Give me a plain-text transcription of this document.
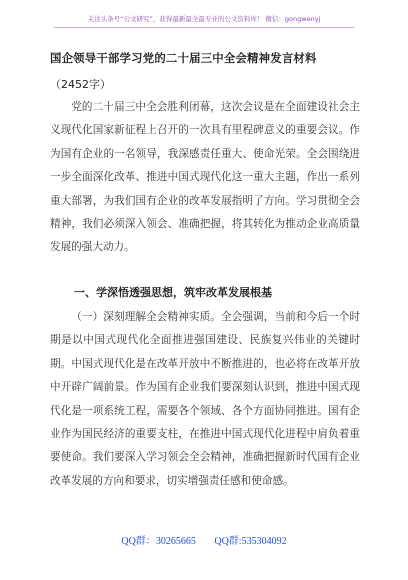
关注头条号“公文研究”，获得最新最全最专业的公文资料库！ 微信：gongwenyj
国企领导干部学习党的二十届三中全会精神发言材料
（2452字）
党的二十届三中全会胜利闭幕，这次会议是在全面建设社会主义现代化国家新征程上召开的一次具有里程碑意义的重要会议。作为国有企业的一名领导，我深感责任重大、使命光荣。全会围绕进一步全面深化改革、推进中国式现代化这一重大主题，作出一系列重大部署，为我们国有企业的改革发展指明了方向。学习贯彻全会精神，我们必须深入领会、准确把握，将其转化为推动企业高质量发展的强大动力。
一、学深悟透强思想，筑牢改革发展根基
（一）深刻理解全会精神实质。全会强调，当前和今后一个时期是以中国式现代化全面推进强国建设、民族复兴伟业的关键时期。中国式现代化是在改革开放中不断推进的，也必将在改革开放中开辟广阔前景。作为国有企业我们要深刻认识到，推进中国式现代化是一项系统工程，需要各个领域、各个方面协同推进。国有企业作为国民经济的重要支柱，在推进中国式现代化进程中肩负着重要使命。我们要深入学习领会全会精神，准确把握新时代国有企业改革发展的方向和要求，切实增强责任感和使命感。
QQ群：30265665 QQ群:535304092
